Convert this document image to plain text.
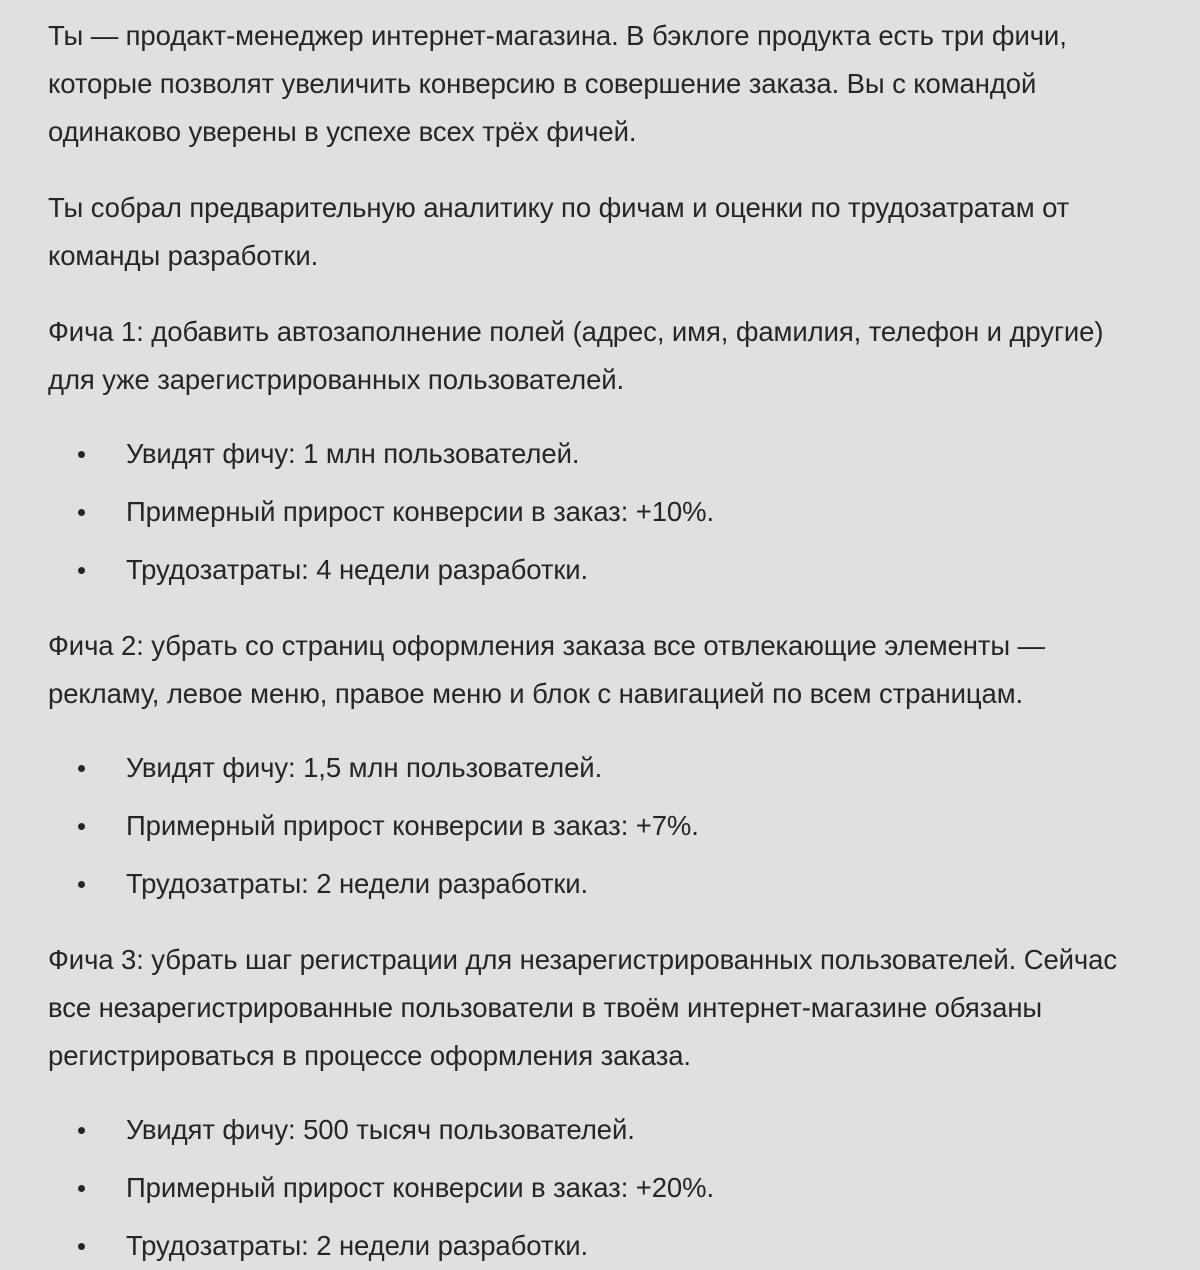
Ты — продакт-менеджер интернет-магазина. В бэклоге продукта есть три фичи, которые позволят увеличить конверсию в совершение заказа. Вы с командой одинаково уверены в успехе всех трёх фичей.

Ты собрал предварительную аналитику по фичам и оценки по трудозатратам от команды разработки.

Фича 1: добавить автозаполнение полей (адрес, имя, фамилия, телефон и другие) для уже зарегистрированных пользователей.

Увидят фичу: 1 млн пользователей.
Примерный прирост конверсии в заказ: +10%.
Трудозатраты: 4 недели разработки.

Фича 2: убрать со страниц оформления заказа все отвлекающие элементы — рекламу, левое меню, правое меню и блок с навигацией по всем страницам.

Увидят фичу: 1,5 млн пользователей.
Примерный прирост конверсии в заказ: +7%.
Трудозатраты: 2 недели разработки.

Фича 3: убрать шаг регистрации для незарегистрированных пользователей. Сейчас все незарегистрированные пользователи в твоём интернет-магазине обязаны регистрироваться в процессе оформления заказа.

Увидят фичу: 500 тысяч пользователей.
Примерный прирост конверсии в заказ: +20%.
Трудозатраты: 2 недели разработки.
